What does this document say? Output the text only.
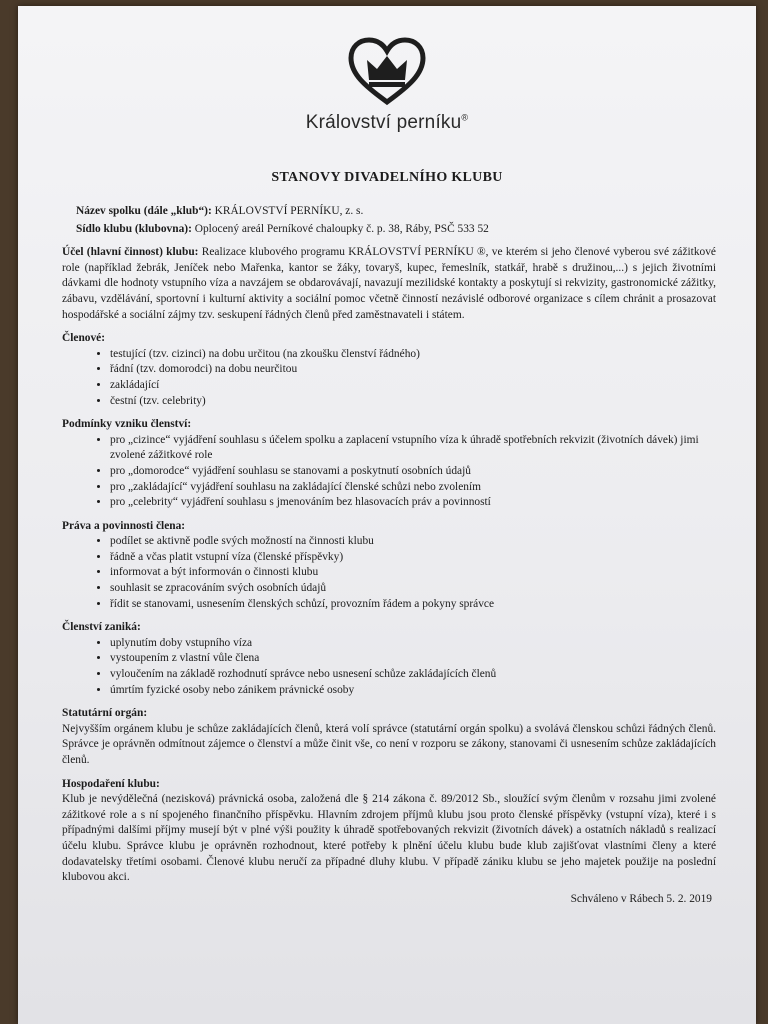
Království perníku®
STANOVY DIVADELNÍHO KLUBU
Název spolku (dále „klub“): KRÁLOVSTVÍ PERNÍKU, z. s.
Sídlo klubu (klubovna): Oplocený areál Perníkové chaloupky č. p. 38, Ráby, PSČ 533 52
Účel (hlavní činnost) klubu: Realizace klubového programu KRÁLOVSTVÍ PERNÍKU ®, ve kterém si jeho členové vyberou své zážitkové role (například žebrák, Jeníček nebo Mařenka, kantor se žáky, tovaryš, kupec, řemeslník, statkář, hrabě s družinou,...) s jejich životními dávkami dle hodnoty vstupního víza a navzájem se obdarovávají, navazují mezilidské kontakty a poskytují si rekvizity, gastronomické zážitky, zábavu, vzdělávání, sportovní i kulturní aktivity a sociální pomoc včetně činností nezávislé odborové organizace s cílem chránit a prosazovat hospodářské a sociální zájmy tzv. seskupení řádných členů před zaměstnavateli i státem.
Členové:
• testující (tzv. cizinci) na dobu určitou (na zkoušku členství řádného)
• řádní (tzv. domorodci) na dobu neurčitou
• zakládající
• čestní (tzv. celebrity)
Podmínky vzniku členství:
• pro „cizince“ vyjádření souhlasu s účelem spolku a zaplacení vstupního víza k úhradě spotřebních rekvizit (životních dávek) jimi zvolené zážitkové role
• pro „domorodce“ vyjádření souhlasu se stanovami a poskytnutí osobních údajů
• pro „zakládající“ vyjádření souhlasu na zakládající členské schůzi nebo zvolením
• pro „celebrity“ vyjádření souhlasu s jmenováním bez hlasovacích práv a povinností
Práva a povinnosti člena:
• podílet se aktivně podle svých možností na činnosti klubu
• řádně a včas platit vstupní víza (členské příspěvky)
• informovat a být informován o činnosti klubu
• souhlasit se zpracováním svých osobních údajů
• řídit se stanovami, usnesením členských schůzí, provozním řádem a pokyny správce
Členství zaniká:
• uplynutím doby vstupního víza
• vystoupením z vlastní vůle člena
• vyloučením na základě rozhodnutí správce nebo usnesení schůze zakládajících členů
• úmrtím fyzické osoby nebo zánikem právnické osoby
Statutární orgán:
Nejvyšším orgánem klubu je schůze zakládajících členů, která volí správce (statutární orgán spolku) a svolává členskou schůzi řádných členů. Správce je oprávněn odmítnout zájemce o členství a může činit vše, co není v rozporu se zákony, stanovami či usnesením schůze zakládajících členů.
Hospodaření klubu:
Klub je nevýdělečná (nezisková) právnická osoba, založená dle § 214 zákona č. 89/2012 Sb., sloužící svým členům v rozsahu jimi zvolené zážitkové role a s ní spojeného finančního příspěvku. Hlavním zdrojem příjmů klubu jsou proto členské příspěvky (vstupní víza), které i s případnými dalšími příjmy musejí být v plné výši použity k úhradě spotřebovaných rekvizit (životních dávek) a ostatních nákladů s realizací účelu klubu. Správce klubu je oprávněn rozhodnout, které potřeby k plnění účelu klubu bude klub zajišťovat vlastními členy a které dodavatelsky třetími osobami. Členové klubu neručí za případné dluhy klubu. V případě zániku klubu se jeho majetek použije na poslední klubovou akci.
Schváleno v Rábech 5. 2. 2019
